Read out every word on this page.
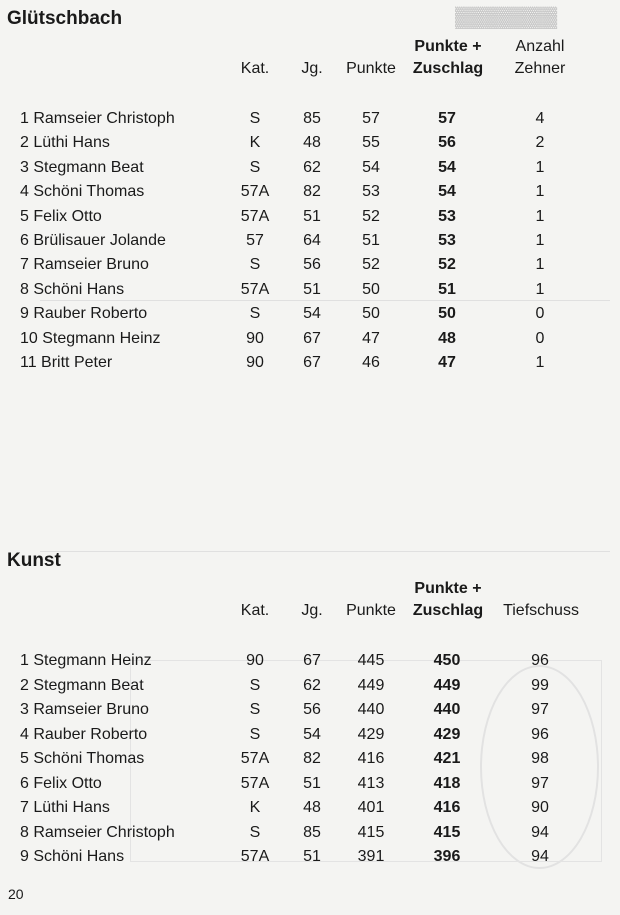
▓▓▓▓▓▓▓
Glütschbach
Punkte +	Anzahl
Kat.	Jg.	Punkte	Zuschlag	Zehner
1 Ramseier Christoph	S	85	57	57	4
2 Lüthi Hans	K	48	55	56	2
3 Stegmann Beat	S	62	54	54	1
4 Schöni Thomas	57A	82	53	54	1
5 Felix Otto	57A	51	52	53	1
6 Brülisauer Jolande	57	64	51	53	1
7 Ramseier Bruno	S	56	52	52	1
8 Schöni Hans	57A	51	50	51	1
9 Rauber Roberto	S	54	50	50	0
10 Stegmann Heinz	90	67	47	48	0
11 Britt Peter	90	67	46	47	1
Kunst
Punkte +
Kat.	Jg.	Punkte	Zuschlag	Tiefschuss
1 Stegmann Heinz	90	67	445	450	96
2 Stegmann Beat	S	62	449	449	99
3 Ramseier Bruno	S	56	440	440	97
4 Rauber Roberto	S	54	429	429	96
5 Schöni Thomas	57A	82	416	421	98
6 Felix Otto	57A	51	413	418	97
7 Lüthi Hans	K	48	401	416	90
8 Ramseier Christoph	S	85	415	415	94
9 Schöni Hans	57A	51	391	396	94
20
